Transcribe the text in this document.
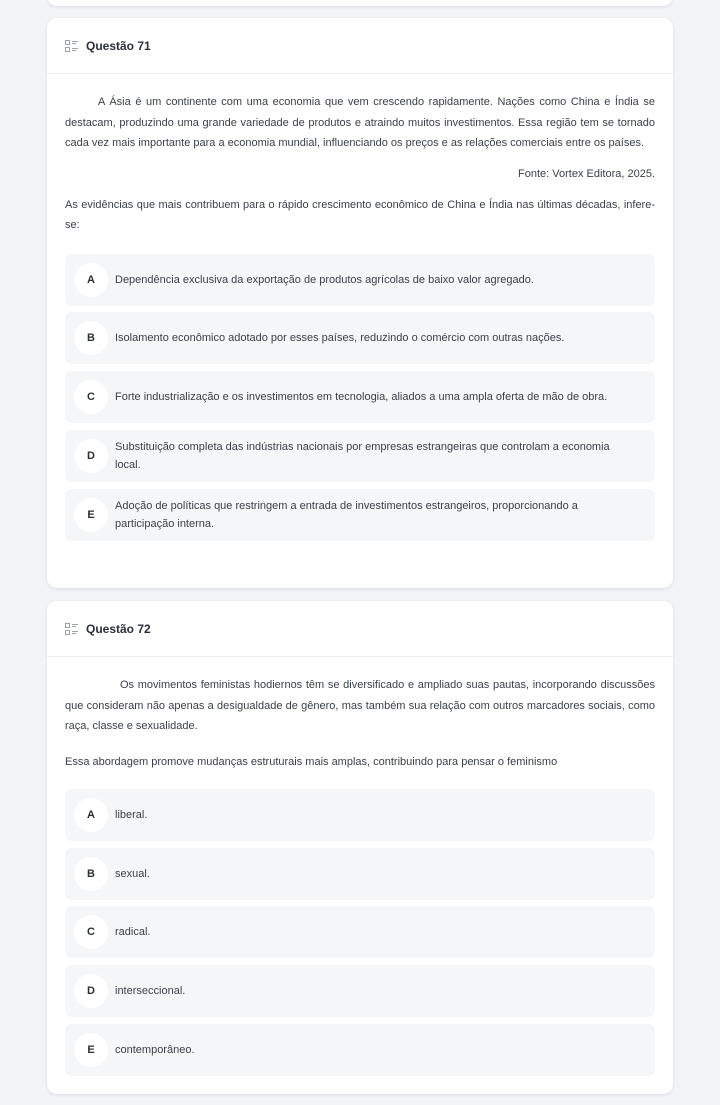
Questão 71

A Ásia é um continente com uma economia que vem crescendo rapidamente. Nações como China e Índia se destacam, produzindo uma grande variedade de produtos e atraindo muitos investimentos. Essa região tem se tornado cada vez mais importante para a economia mundial, influenciando os preços e as relações comerciais entre os países.

Fonte: Vortex Editora, 2025.

As evidências que mais contribuem para o rápido crescimento econômico de China e Índia nas últimas décadas, infere-se:

A	Dependência exclusiva da exportação de produtos agrícolas de baixo valor agregado.
B	Isolamento econômico adotado por esses países, reduzindo o comércio com outras nações.
C	Forte industrialização e os investimentos em tecnologia, aliados a uma ampla oferta de mão de obra.
D
Substituição completa das indústrias nacionais por empresas estrangeiras que controlam a economia local.
E
Adoção de políticas que restringem a entrada de investimentos estrangeiros, proporcionando a participação interna.
Questão 72

Os movimentos feministas hodiernos têm se diversificado e ampliado suas pautas, incorporando discussões que consideram não apenas a desigualdade de gênero, mas também sua relação com outros marcadores sociais, como raça, classe e sexualidade.

Essa abordagem promove mudanças estruturais mais amplas, contribuindo para pensar o feminismo

A	liberal.
B	sexual.
C	radical.
D	interseccional.
E	contemporâneo.
